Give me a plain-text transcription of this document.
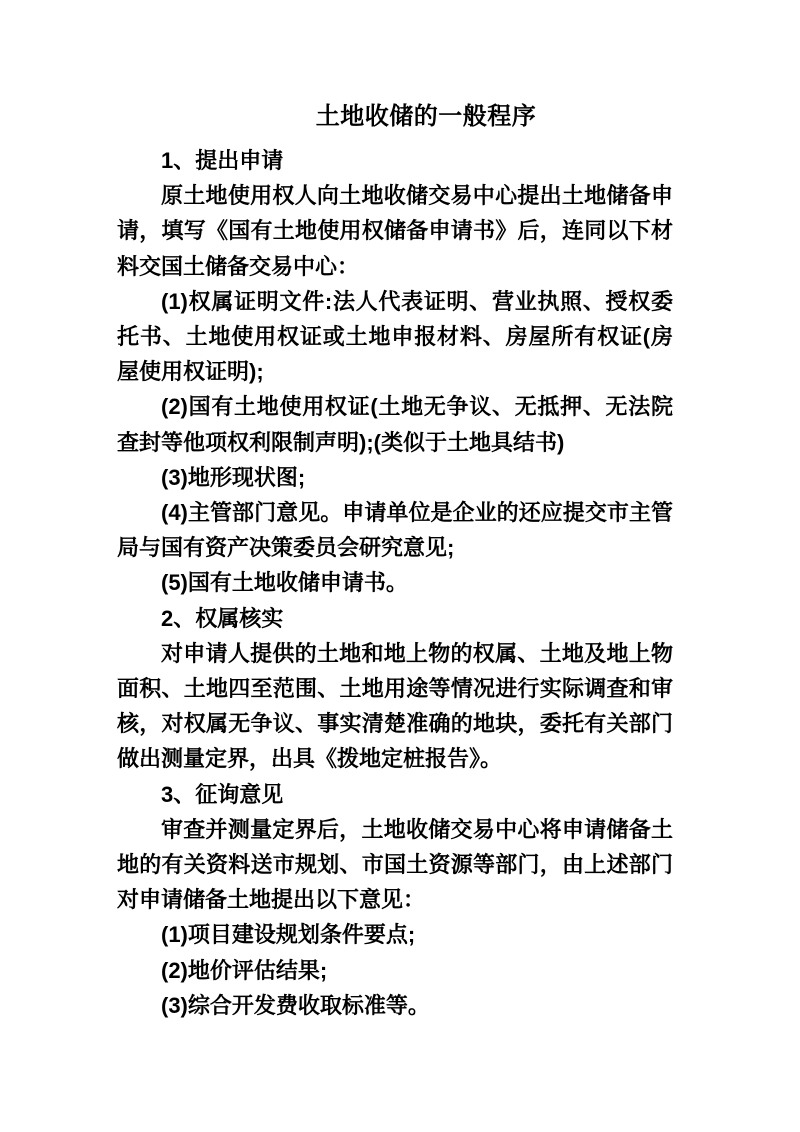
土地收储的一般程序

1、提出申请

原土地使用权人向土地收储交易中心提出土地储备申请，填写《国有土地使用权储备申请书》后，连同以下材料交国土储备交易中心：

(1)权属证明文件:法人代表证明、营业执照、授权委托书、土地使用权证或土地申报材料、房屋所有权证(房屋使用权证明);

(2)国有土地使用权证(土地无争议、无抵押、无法院查封等他项权利限制声明);(类似于土地具结书)

(3)地形现状图;

(4)主管部门意见。申请单位是企业的还应提交市主管局与国有资产决策委员会研究意见;

(5)国有土地收储申请书。

2、权属核实

对申请人提供的土地和地上物的权属、土地及地上物面积、土地四至范围、土地用途等情况进行实际调查和审核，对权属无争议、事实清楚准确的地块，委托有关部门做出测量定界，出具《拨地定桩报告》。

3、征询意见

审查并测量定界后，土地收储交易中心将申请储备土地的有关资料送市规划、市国土资源等部门，由上述部门对申请储备土地提出以下意见：

(1)项目建设规划条件要点;

(2)地价评估结果;

(3)综合开发费收取标准等。
